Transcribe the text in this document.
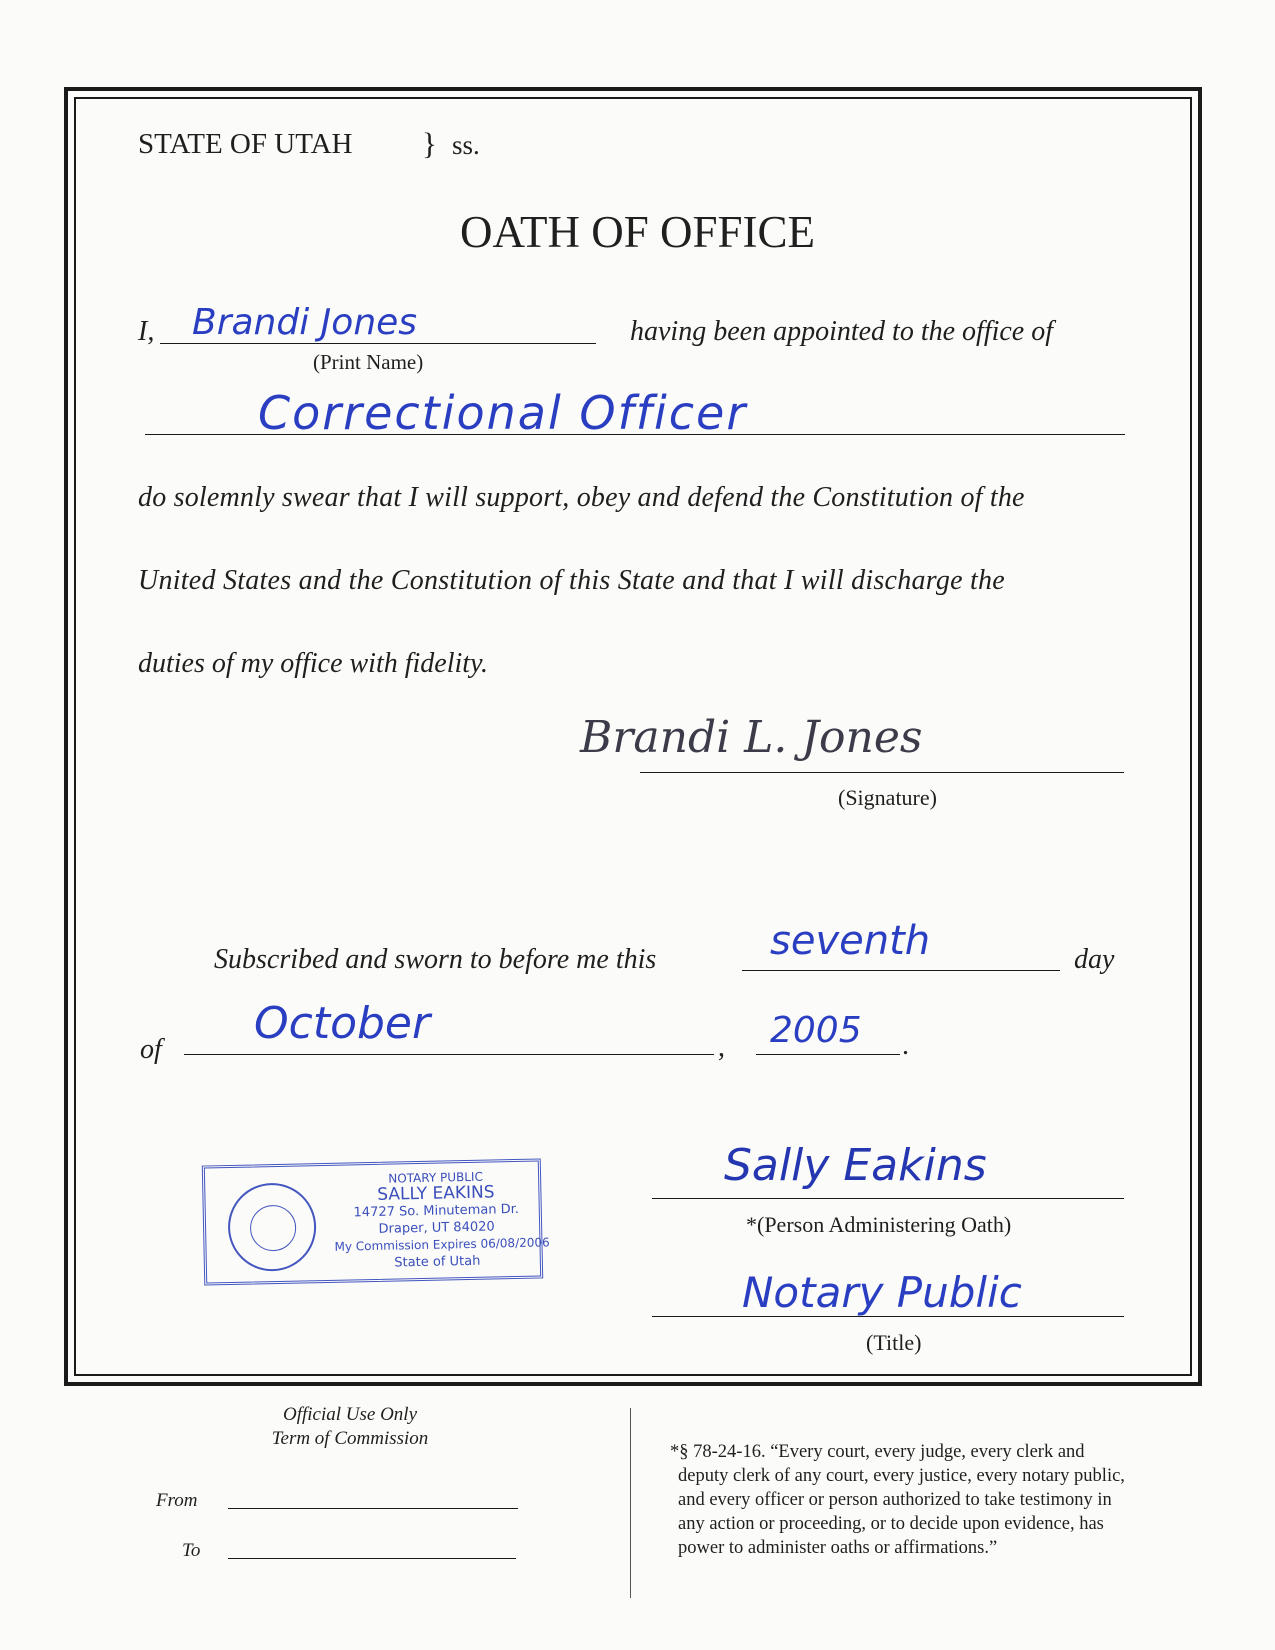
STATE OF UTAH } ss.
OATH OF OFFICE
I, Brandi Jones
(Print Name)
having been appointed to the office of
Correctional Officer
do solemnly swear that I will support, obey and defend the Constitution of the
United States and the Constitution of this State and that I will discharge the
duties of my office with fidelity.
Brandi L. Jones
(Signature)
Subscribed and sworn to before me this	seventh	day
of
October	, 2005 .
NOTARY PUBLIC
SALLY EAKINS
14727 So. Minuteman Dr.
Draper, UT 84020
My Commission Expires 06/08/2006
State of Utah
Sally Eakins
*(Person Administering Oath)
Notary Public
(Title)
Official Use Only
Term of Commission
From
To
*§ 78-24-16. “Every court, every judge, every clerk and
deputy clerk of any court, every justice, every notary public,
and every officer or person authorized to take testimony in
any action or proceeding, or to decide upon evidence, has
power to administer oaths or affirmations.”
